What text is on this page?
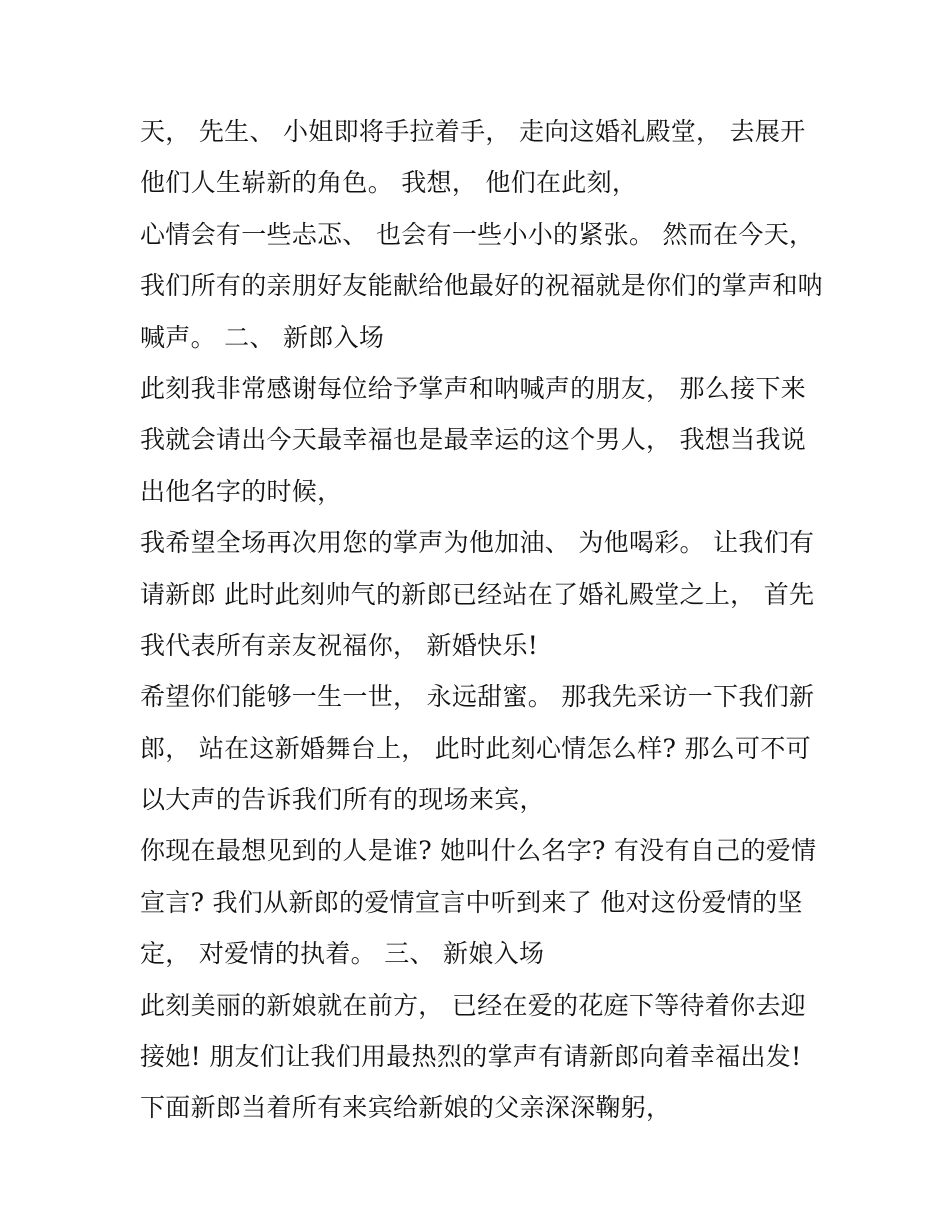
天， 先生、 小姐即将手拉着手， 走向这婚礼殿堂， 去展开
他们人生崭新的角色。 我想， 他们在此刻，
心情会有一些忐忑、 也会有一些小小的紧张。 然而在今天，
我们所有的亲朋好友能献给他最好的祝福就是你们的掌声和呐
喊声。 二、 新郎入场
此刻我非常感谢每位给予掌声和呐喊声的朋友， 那么接下来
我就会请出今天最幸福也是最幸运的这个男人， 我想当我说
出他名字的时候，
我希望全场再次用您的掌声为他加油、 为他喝彩。 让我们有
请新郎 此时此刻帅气的新郎已经站在了婚礼殿堂之上， 首先
我代表所有亲友祝福你， 新婚快乐!
希望你们能够一生一世， 永远甜蜜。 那我先采访一下我们新
郎， 站在这新婚舞台上， 此时此刻心情怎么样? 那么可不可
以大声的告诉我们所有的现场来宾，
你现在最想见到的人是谁? 她叫什么名字? 有没有自己的爱情
宣言? 我们从新郎的爱情宣言中听到来了 他对这份爱情的坚
定， 对爱情的执着。 三、 新娘入场
此刻美丽的新娘就在前方， 已经在爱的花庭下等待着你去迎
接她! 朋友们让我们用最热烈的掌声有请新郎向着幸福出发!
下面新郎当着所有来宾给新娘的父亲深深鞠躬，
